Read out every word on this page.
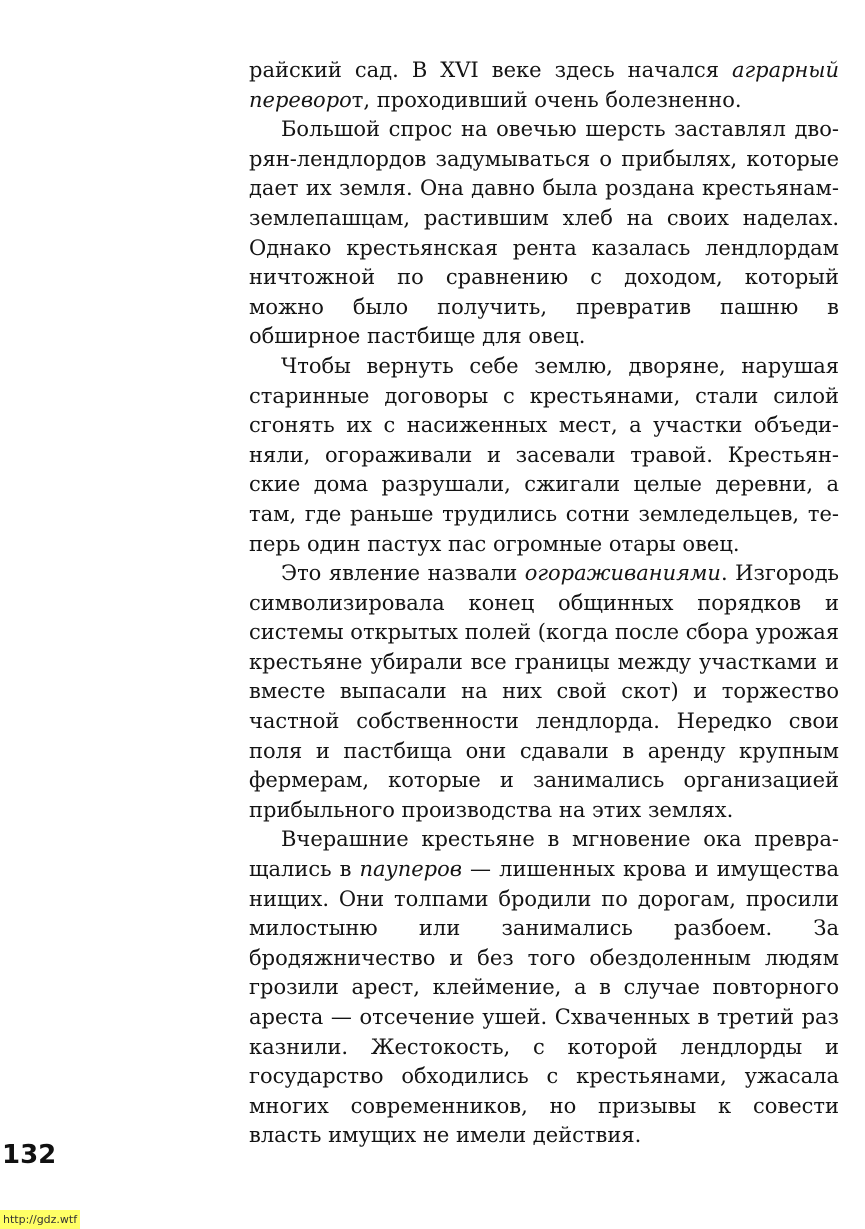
райский сад. В XVI веке здесь начался аграрный переворот, проходивший очень болезненно.

Большой спрос на овечью шерсть заставлял дворян-лендлордов задумываться о прибылях, которые дает их земля. Она давно была роздана крестьянам-землепашцам, растившим хлеб на своих наделах. Однако крестьянская рента казалась лендлордам ничтожной по сравнению с доходом, который можно было получить, превратив пашню в обширное пастбище для овец.

Чтобы вернуть себе землю, дворяне, нарушая старинные договоры с крестьянами, стали силой сгонять их с насиженных мест, а участки объединяли, огораживали и засевали травой. Крестьянские дома разрушали, сжигали целые деревни, а там, где раньше трудились сотни земледельцев, теперь один пастух пас огромные отары овец.

Это явление назвали огораживаниями. Изгородь символизировала конец общинных порядков и системы открытых полей (когда после сбора урожая крестьяне убирали все границы между участками и вместе выпасали на них свой скот) и торжество частной собственности лендлорда. Нередко свои поля и пастбища они сдавали в аренду крупным фермерам, которые и занимались организацией прибыльного производства на этих землях.

Вчерашние крестьяне в мгновение ока превращались в пауперов — лишенных крова и имущества нищих. Они толпами бродили по дорогам, просили милостыню или занимались разбоем. За бродяжничество и без того обездоленным людям грозили арест, клеймение, а в случае повторного ареста — отсечение ушей. Схваченных в третий раз казнили. Жестокость, с которой лендлорды и государство обходились с крестьянами, ужасала многих современников, но призывы к совести власть имущих не имели действия.

132
http://gdz.wtf
